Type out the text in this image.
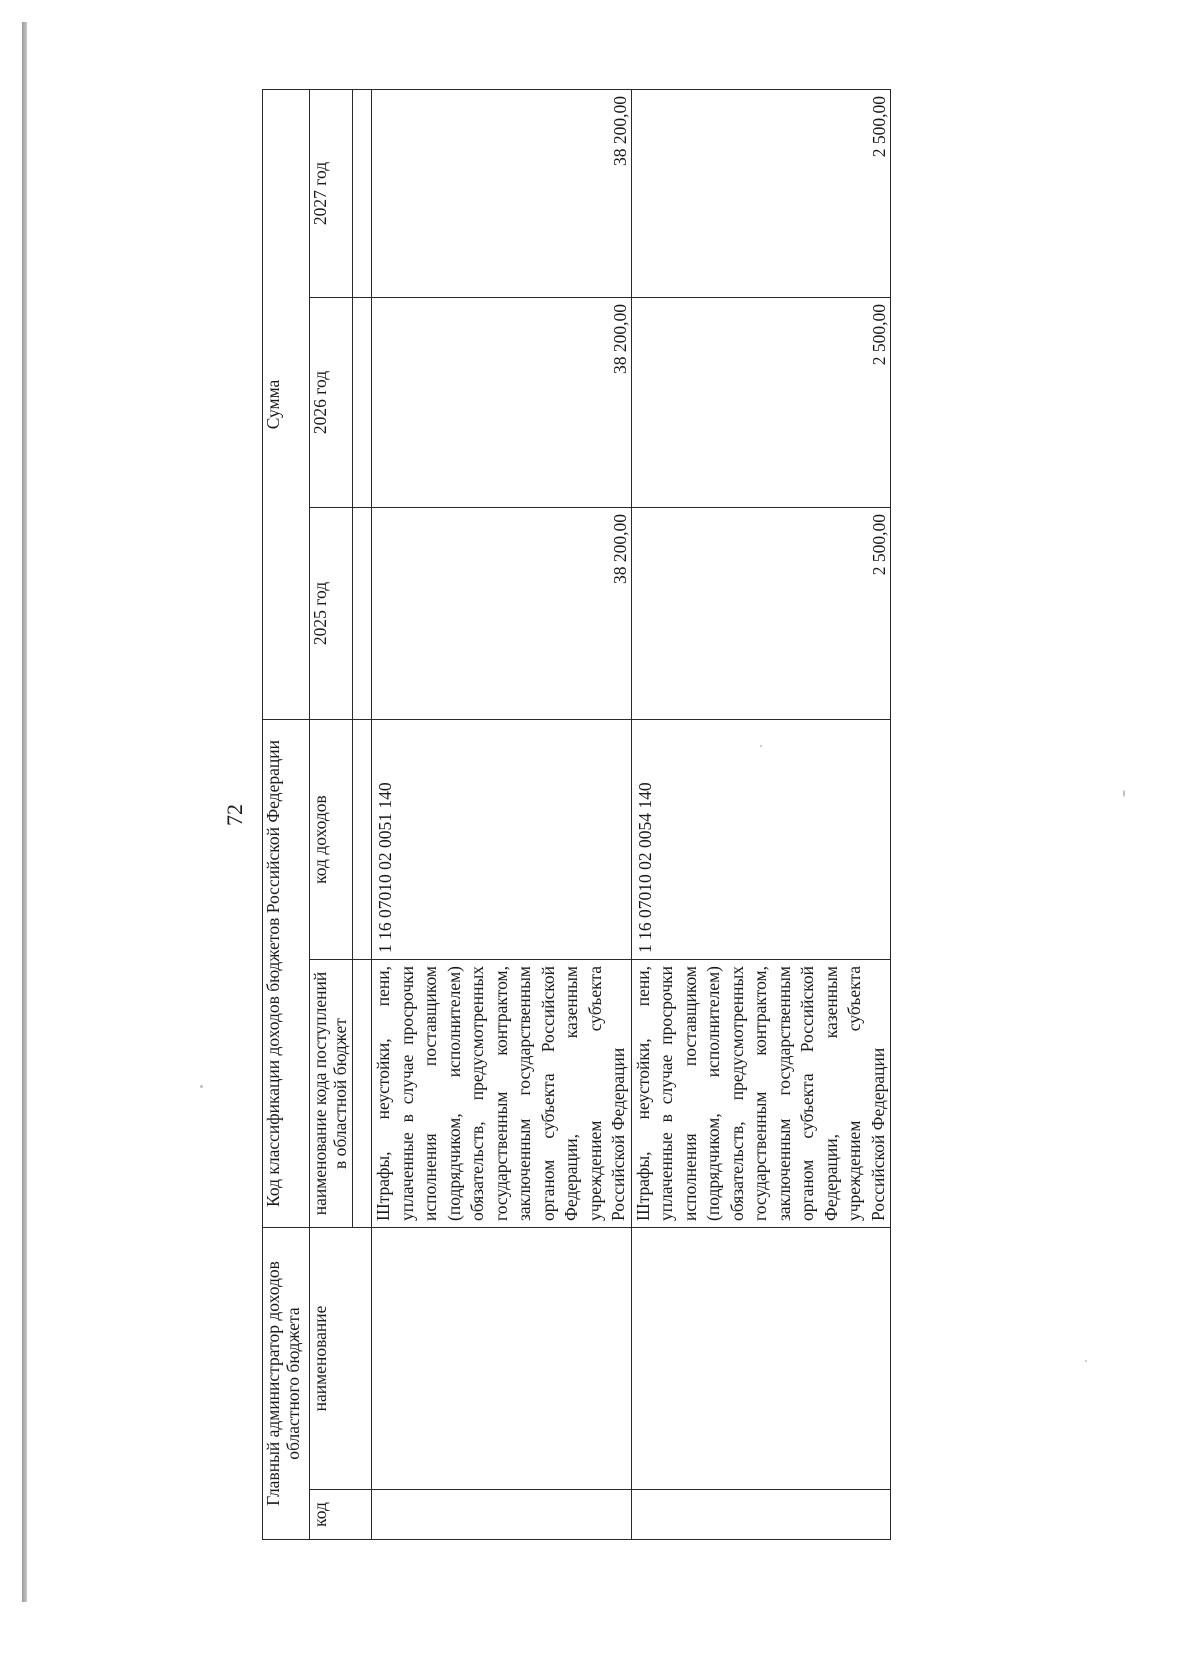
72
Главный администратор доходов областного бюджета		Код классификации доходов бюджетов Российской Федерации		Сумма		
код	наименование	наименование кода поступлений в областной бюджет	код доходов	2025 год	2026 год	2027 год

		Штрафы, неустойки, пени, уплаченные в случае просрочки исполнения поставщиком (подрядчиком, исполнителем) обязательств, предусмотренных государственным контрактом, заключенным государственным органом субъекта Российской Федерации, казенным учреждением субъекта Российской Федерации	1 16 07010 02 0051 140	38 200,00	38 200,00	38 200,00

		Штрафы, неустойки, пени, уплаченные в случае просрочки исполнения поставщиком (подрядчиком, исполнителем) обязательств, предусмотренных государственным контрактом, заключенным государственным органом субъекта Российской Федерации, казенным учреждением субъекта Российской Федерации	1 16 07010 02 0054 140	2 500,00	2 500,00	2 500,00
